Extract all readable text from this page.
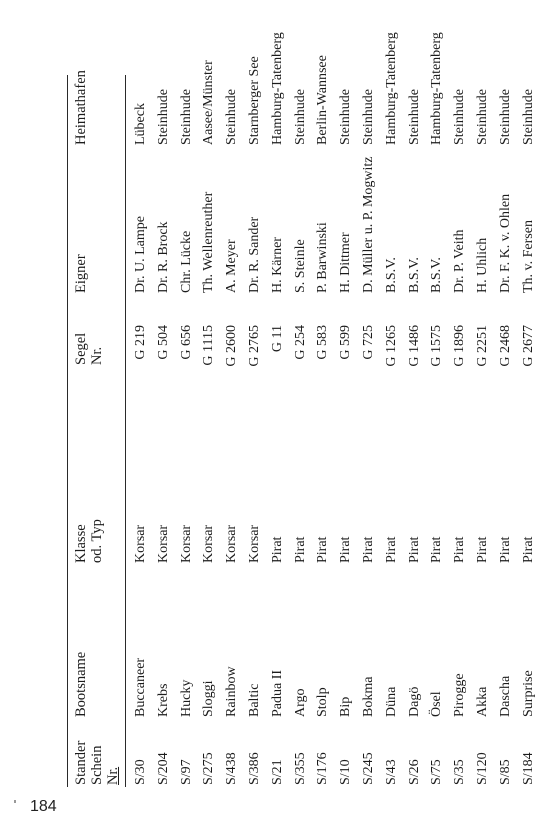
Stander Schein Nr.
Bootsname
Klasse od. Typ
Segel Nr.
Eigner
Heimathafen
S/30
Buccaneer
Korsar
G 219
Dr. U. Lampe
Lübeck
S/204
Krebs
Korsar
G 504
Dr. R. Brock
Steinhude
S/97
Hucky
Korsar
G 656
Chr. Lücke
Steinhude
S/275
Sloggi
Korsar
G 1115
Th. Wellenreuther
Aasee/Münster
S/438
Rainbow
Korsar
G 2600
A. Meyer
Steinhude
S/386
Baltic
Korsar
G 2765
Dr. R. Sander
Starnberger See
S/21
Padua II
Pirat
G 11
H. Kärner
Hamburg-Tatenberg
S/355
Argo
Pirat
G 254
S. Steinle
Steinhude
S/176
Stolp
Pirat
G 583
P. Barwinski
Berlin-Wannsee
S/10
Bip
Pirat
G 599
H. Dittmer
Steinhude
S/245
Bokma
Pirat
G 725
D. Müller u. P. Mogwitz
Steinhude
S/43
Düna
Pirat
G 1265
B.S.V.
Hamburg-Tatenberg
S/26
Dagö
Pirat
G 1486
B.S.V.
Steinhude
S/75
Ösel
Pirat
G 1575
B.S.V.
Hamburg-Tatenberg
S/35
Pirogge
Pirat
G 1896
Dr. P. Veith
Steinhude
S/120
Akka
Pirat
G 2251
H. Uhlich
Steinhude
S/85
Dascha
Pirat
G 2468
Dr. F. K. v. Ohlen
Steinhude
S/184
Surprise
Pirat
G 2677
Th. v. Fersen
Steinhude
184
